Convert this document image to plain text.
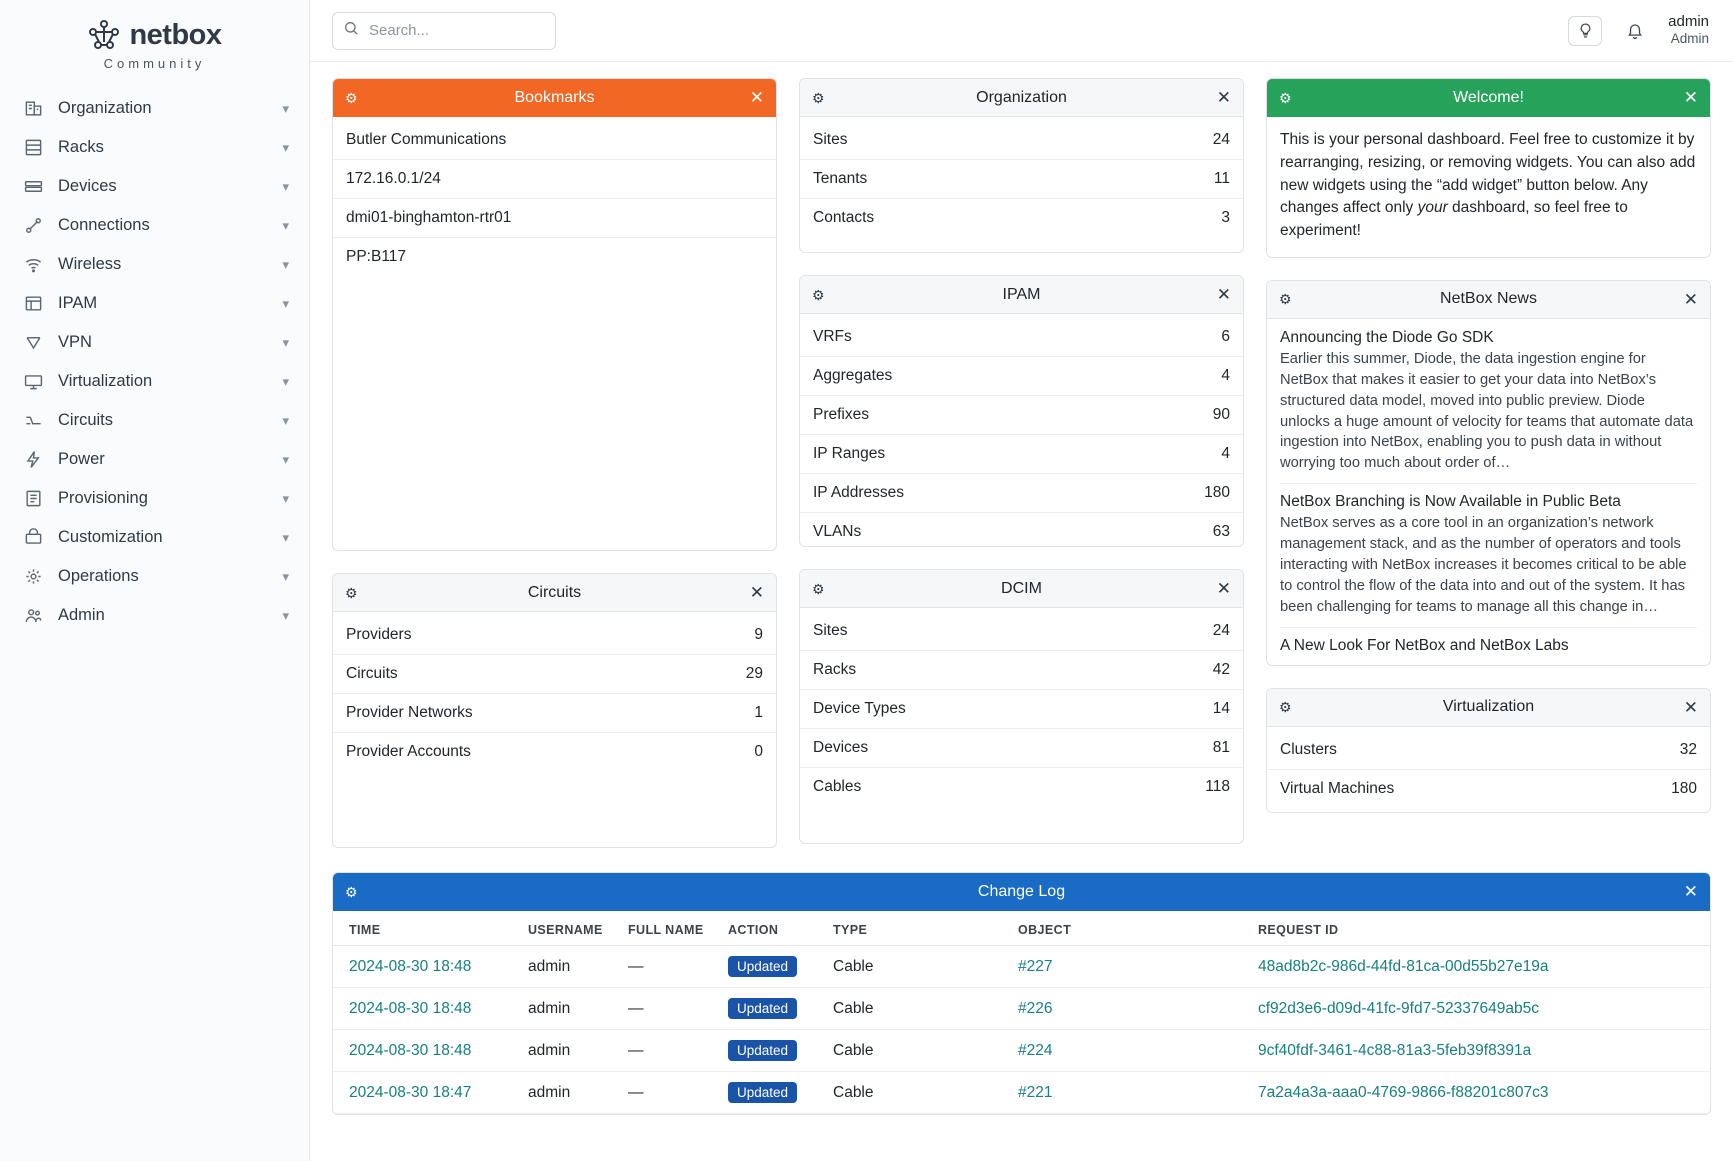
netbox
Community
Organization	▾
Racks	▾
Devices	▾
Connections	▾
Wireless	▾
IPAM	▾
VPN	▾
Virtualization	▾
Circuits	▾
Power	▾
Provisioning	▾
Customization	▾
Operations	▾
Admin	▾
Search...
admin
Admin
⚙	Bookmarks	✕
Butler Communications
172.16.0.1/24
dmi01-binghamton-rtr01
PP:B117
⚙	Circuits	✕
Providers	9
Circuits	29
Provider Networks	1
Provider Accounts	0
⚙	Organization	✕
Sites	24
Tenants	11
Contacts	3
⚙	IPAM	✕
VRFs	6
Aggregates	4
Prefixes	90
IP Ranges	4
IP Addresses	180
VLANs	63
⚙	DCIM	✕
Sites	24
Racks	42
Device Types	14
Devices	81
Cables	118
⚙	Welcome!	✕
This is your personal dashboard. Feel free to customize it by rearranging, resizing, or removing widgets. You can also add new widgets using the “add widget” button below. Any changes affect only your dashboard, so feel free to experiment!
⚙	NetBox News	✕
Announcing the Diode Go SDK
Earlier this summer, Diode, the data ingestion engine for NetBox that makes it easier to get your data into NetBox’s structured data model, moved into public preview. Diode unlocks a huge amount of velocity for teams that automate data ingestion into NetBox, enabling you to push data in without worrying too much about order of…
NetBox Branching is Now Available in Public Beta
NetBox serves as a core tool in an organization’s network management stack, and as the number of operators and tools interacting with NetBox increases it becomes critical to be able to control the flow of the data into and out of the system. It has been challenging for teams to manage all this change in…
A New Look For NetBox and NetBox Labs
⚙	Virtualization	✕
Clusters	32
Virtual Machines	180
⚙	Change Log	✕
TIME	USERNAME	FULL NAME	ACTION	TYPE	OBJECT	REQUEST ID
2024-08-30 18:48	admin	—	Updated	Cable	#227	48ad8b2c-986d-44fd-81ca-00d55b27e19a
2024-08-30 18:48	admin	—	Updated	Cable	#226	cf92d3e6-d09d-41fc-9fd7-52337649ab5c
2024-08-30 18:48	admin	—	Updated	Cable	#224	9cf40fdf-3461-4c88-81a3-5feb39f8391a
2024-08-30 18:47	admin	—	Updated	Cable	#221	7a2a4a3a-aaa0-4769-9866-f88201c807c3
